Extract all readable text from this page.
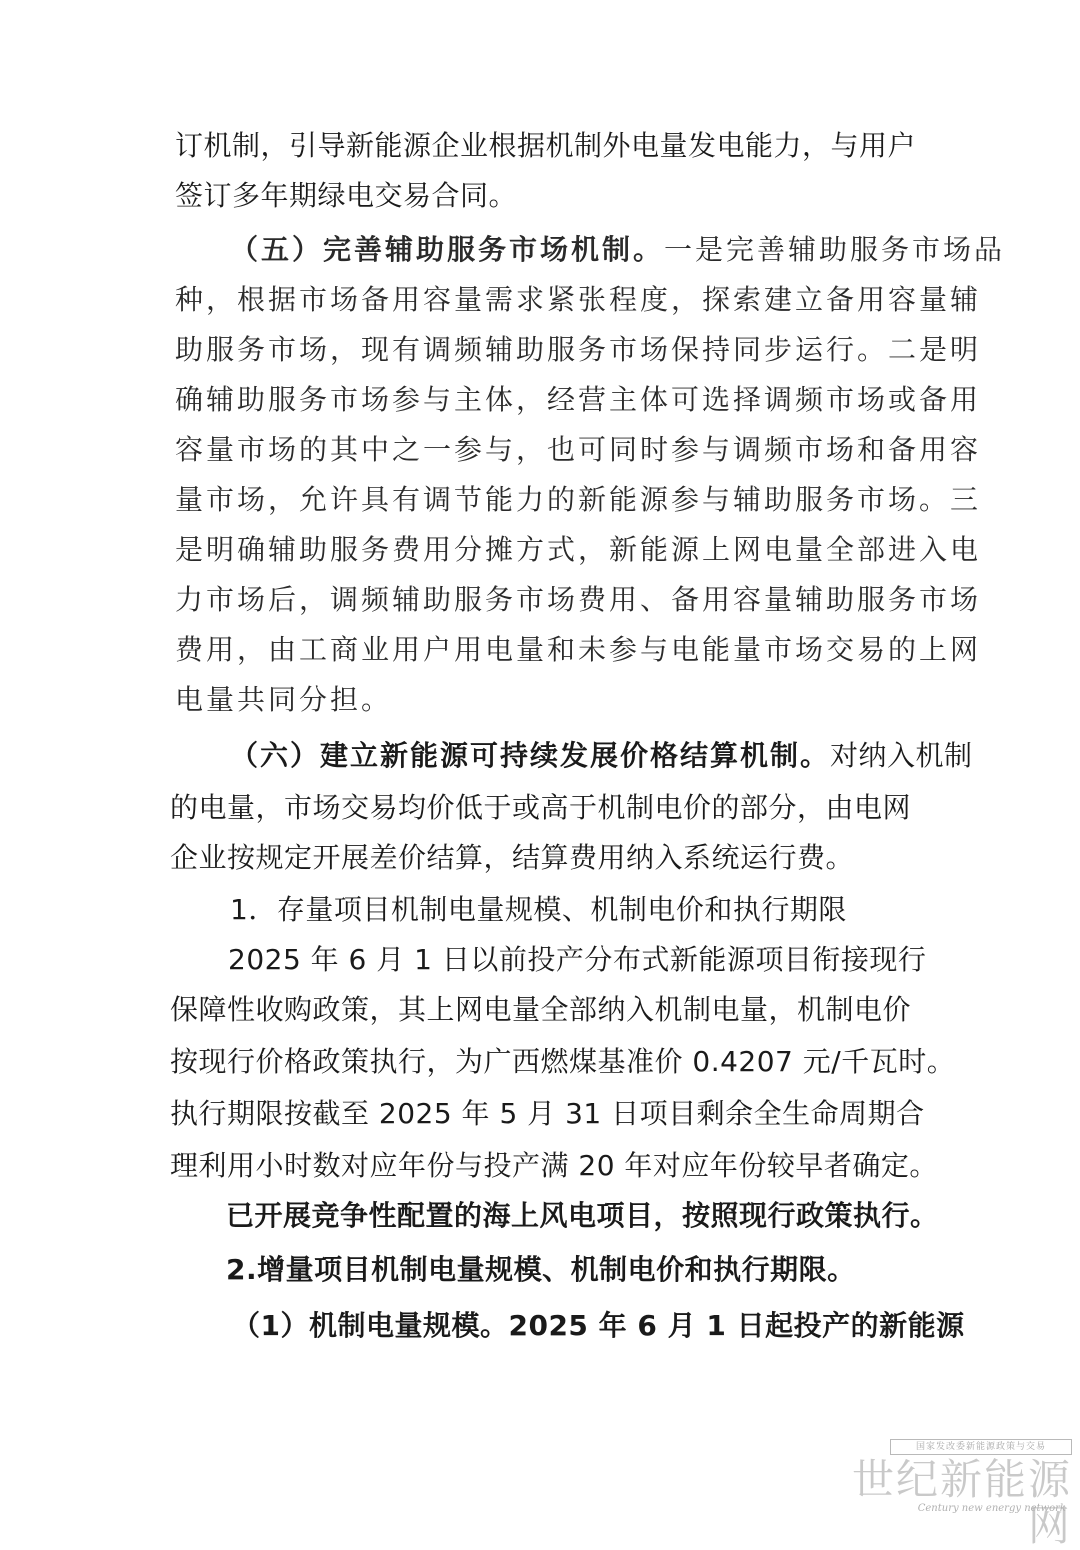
订机制，引导新能源企业根据机制外电量发电能力，与用户
签订多年期绿电交易合同。
（五）完善辅助服务市场机制。一是完善辅助服务市场品
种，根据市场备用容量需求紧张程度，探索建立备用容量辅
助服务市场，现有调频辅助服务市场保持同步运行。二是明
确辅助服务市场参与主体，经营主体可选择调频市场或备用
容量市场的其中之一参与，也可同时参与调频市场和备用容
量市场，允许具有调节能力的新能源参与辅助服务市场。三
是明确辅助服务费用分摊方式，新能源上网电量全部进入电
力市场后，调频辅助服务市场费用、备用容量辅助服务市场
费用，由工商业用户用电量和未参与电能量市场交易的上网
电量共同分担。
（六）建立新能源可持续发展价格结算机制。对纳入机制
的电量，市场交易均价低于或高于机制电价的部分，由电网
企业按规定开展差价结算，结算费用纳入系统运行费。
1．存量项目机制电量规模、机制电价和执行期限
2025 年 6 月 1 日以前投产分布式新能源项目衔接现行
保障性收购政策，其上网电量全部纳入机制电量，机制电价
按现行价格政策执行，为广西燃煤基准价 0.4207 元/千瓦时。
执行期限按截至 2025 年 5 月 31 日项目剩余全生命周期合
理利用小时数对应年份与投产满 20 年对应年份较早者确定。
已开展竞争性配置的海上风电项目，按照现行政策执行。
2.增量项目机制电量规模、机制电价和执行期限。
（1）机制电量规模。2025 年 6 月 1 日起投产的新能源
国家发改委新能源政策与交易
世纪新能源网
Century new energy network
